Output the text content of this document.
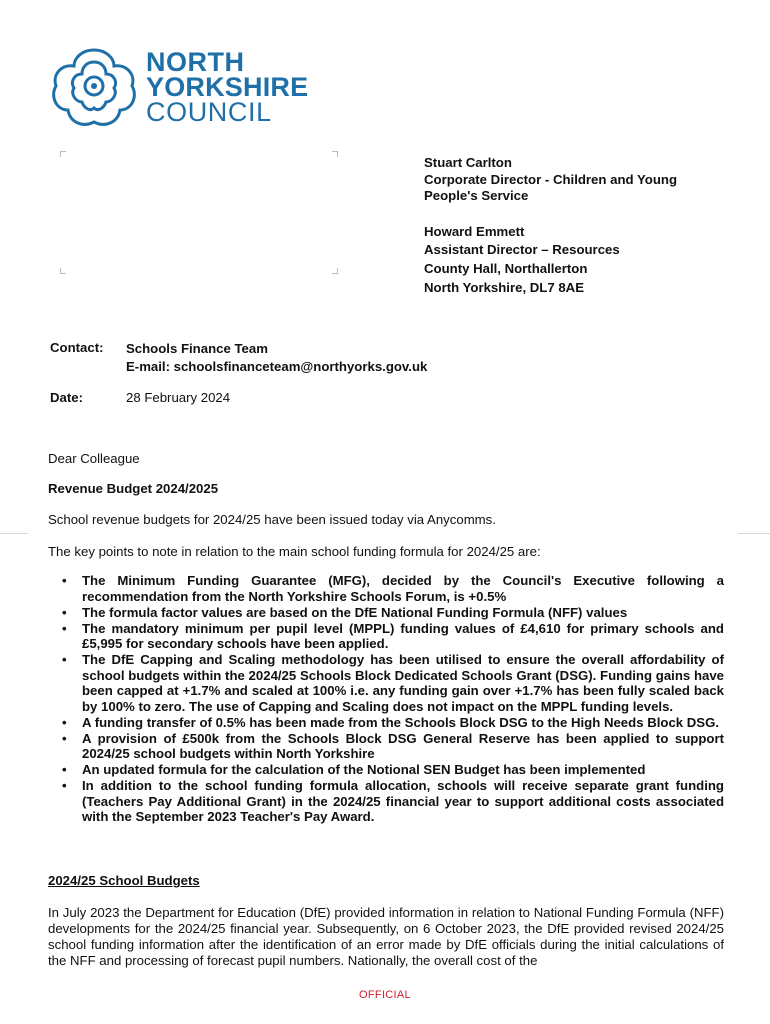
NORTH
YORKSHIRE
COUNCIL

Stuart Carlton

Corporate Director - Children and Young People's Service

Howard Emmett

Assistant Director – Resources

County Hall, Northallerton

North Yorkshire, DL7 8AE

Contact: Schools Finance Team
E-mail: schoolsfinanceteam@northyorks.gov.uk
Date:	28 February 2024
Dear Colleague
Revenue Budget 2024/2025
School revenue budgets for 2024/25 have been issued today via Anycomms.
The key points to note in relation to the main school funding formula for 2024/25 are:
• The Minimum Funding Guarantee (MFG), decided by the Council's Executive following a recommendation from the North Yorkshire Schools Forum, is +0.5%
• The formula factor values are based on the DfE National Funding Formula (NFF) values
• The mandatory minimum per pupil level (MPPL) funding values of £4,610 for primary schools and £5,995 for secondary schools have been applied.
• The DfE Capping and Scaling methodology has been utilised to ensure the overall affordability of school budgets within the 2024/25 Schools Block Dedicated Schools Grant (DSG). Funding gains have been capped at +1.7% and scaled at 100% i.e. any funding gain over +1.7% has been fully scaled back by 100% to zero. The use of Capping and Scaling does not impact on the MPPL funding levels.
• A funding transfer of 0.5% has been made from the Schools Block DSG to the High Needs Block DSG.
• A provision of £500k from the Schools Block DSG General Reserve has been applied to support 2024/25 school budgets within North Yorkshire
• An updated formula for the calculation of the Notional SEN Budget has been implemented
• In addition to the school funding formula allocation, schools will receive separate grant funding (Teachers Pay Additional Grant) in the 2024/25 financial year to support additional costs associated with the September 2023 Teacher's Pay Award.
2024/25 School Budgets
In July 2023 the Department for Education (DfE) provided information in relation to National Funding Formula (NFF) developments for the 2024/25 financial year. Subsequently, on 6 October 2023, the DfE provided revised 2024/25 school funding information after the identification of an error made by DfE officials during the initial calculations of the NFF and processing of forecast pupil numbers. Nationally, the overall cost of the
OFFICIAL
